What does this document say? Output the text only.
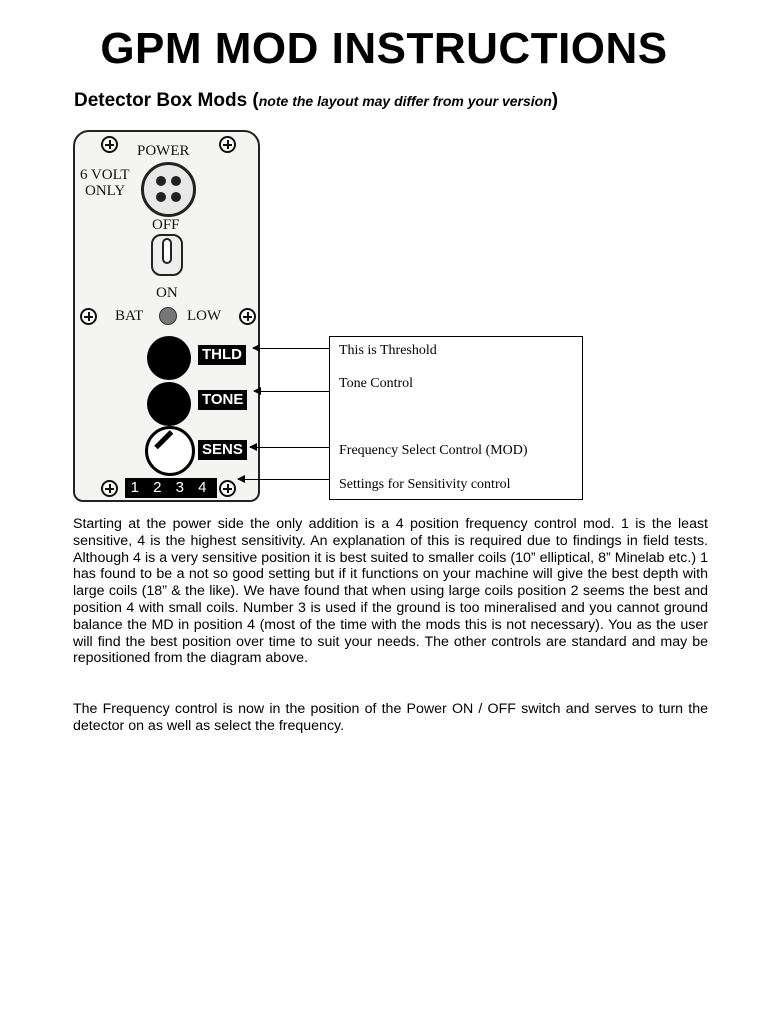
GPM MOD INSTRUCTIONS
Detector Box Mods (note the layout may differ from your version)
POWER
6 VOLT
ONLY
OFF
ON
BAT	LOW
THLD
TONE
SENS
1 2 3 4
This is Threshold
Tone Control
Frequency Select Control (MOD)
Settings for Sensitivity control

Starting at the power side the only addition is a 4 position frequency control mod. 1 is the least sensitive, 4 is the highest sensitivity. An explanation of this is required due to findings in field tests. Although 4 is a very sensitive position it is best suited to smaller coils (10” elliptical, 8” Minelab etc.) 1 has found to be a not so good setting but if it functions on your machine will give the best depth with large coils (18” & the like). We have found that when using large coils position 2 seems the best and position 4 with small coils. Number 3 is used if the ground is too mineralised and you cannot ground balance the MD in position 4 (most of the time with the mods this is not necessary). You as the user will find the best position over time to suit your needs. The other controls are standard and may be repositioned from the diagram above.

The Frequency control is now in the position of the Power ON / OFF switch and serves to turn the detector on as well as select the frequency.
